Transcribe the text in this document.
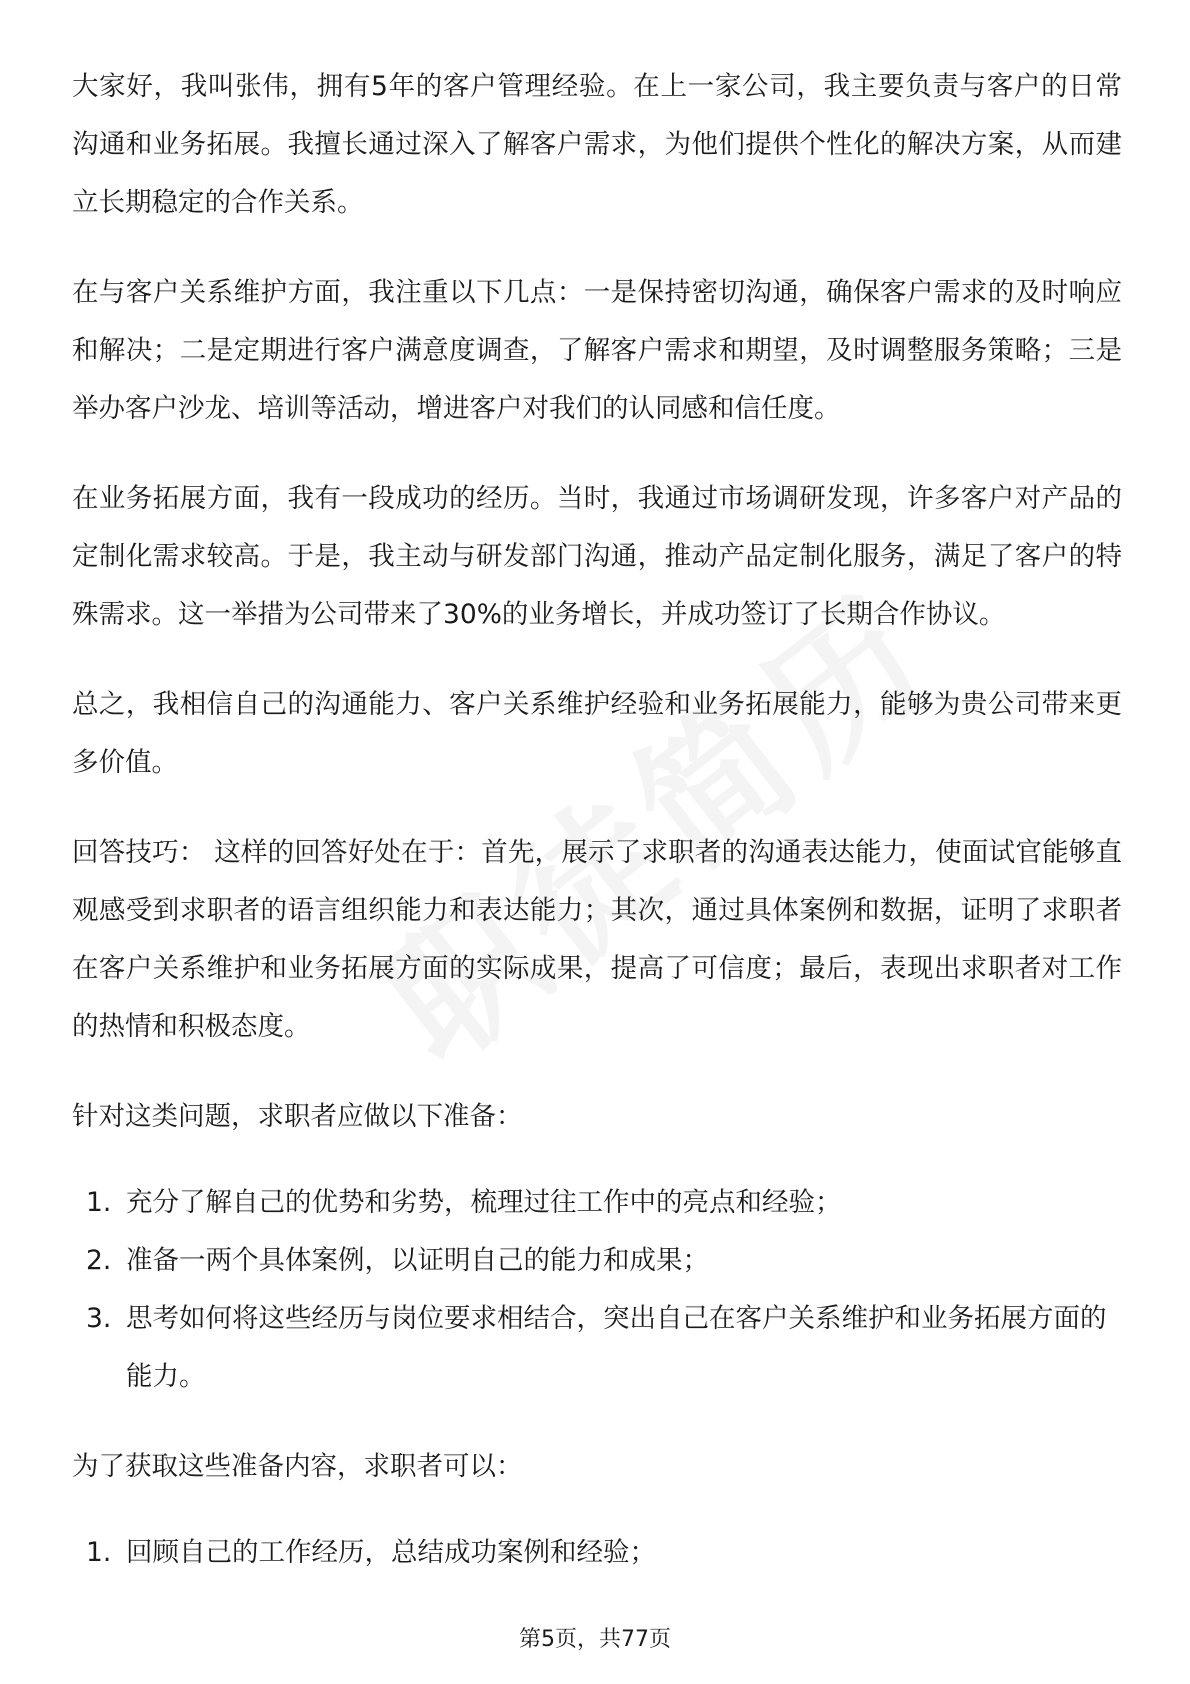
大家好，我叫张伟，拥有5年的客户管理经验。在上一家公司，我主要负责与客户的日常沟通和业务拓展。我擅长通过深入了解客户需求，为他们提供个性化的解决方案，从而建立长期稳定的合作关系。

在与客户关系维护方面，我注重以下几点：一是保持密切沟通，确保客户需求的及时响应和解决；二是定期进行客户满意度调查，了解客户需求和期望，及时调整服务策略；三是举办客户沙龙、培训等活动，增进客户对我们的认同感和信任度。

在业务拓展方面，我有一段成功的经历。当时，我通过市场调研发现，许多客户对产品的定制化需求较高。于是，我主动与研发部门沟通，推动产品定制化服务，满足了客户的特殊需求。这一举措为公司带来了30%的业务增长，并成功签订了长期合作协议。

总之，我相信自己的沟通能力、客户关系维护经验和业务拓展能力，能够为贵公司带来更多价值。

回答技巧： 这样的回答好处在于：首先，展示了求职者的沟通表达能力，使面试官能够直观感受到求职者的语言组织能力和表达能力；其次，通过具体案例和数据，证明了求职者在客户关系维护和业务拓展方面的实际成果，提高了可信度；最后，表现出求职者对工作的热情和积极态度。

针对这类问题，求职者应做以下准备：

1. 充分了解自己的优势和劣势，梳理过往工作中的亮点和经验；
2. 准备一两个具体案例，以证明自己的能力和成果；
3. 思考如何将这些经历与岗位要求相结合，突出自己在客户关系维护和业务拓展方面的能力。

为了获取这些准备内容，求职者可以：

1. 回顾自己的工作经历，总结成功案例和经验；
第5页，共77页
